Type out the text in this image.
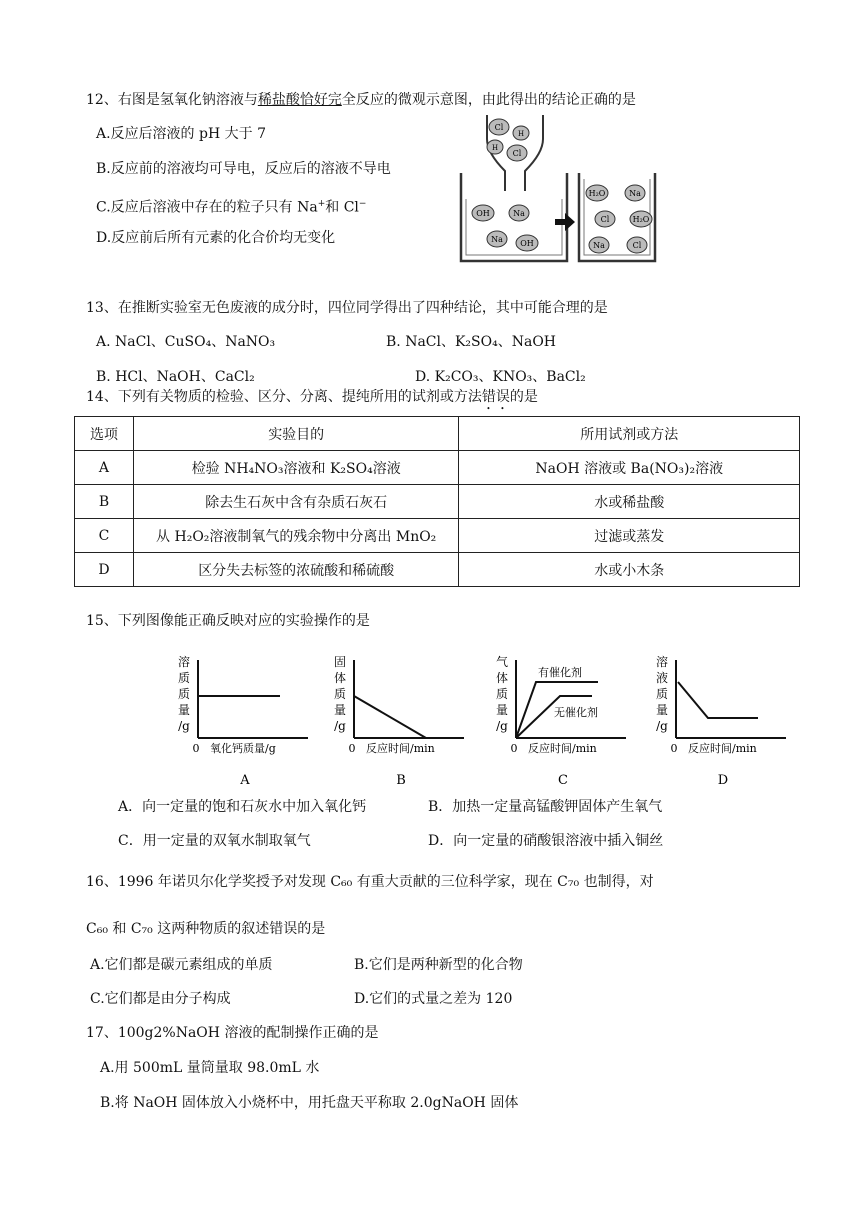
12、右图是氢氧化钠溶液与稀盐酸恰好完全反应的微观示意图，由此得出的结论正确的是
A.反应后溶液的 pH 大于 7
B.反应前的溶液均可导电，反应后的溶液不导电
C.反应后溶液中存在的粒子只有 Na+和 Cl−
D.反应前后所有元素的化合价均无变化
Cl
H
H
Cl
OH	Na
Na OH
H₂O	Na
Cl	H₂O
Na	Cl
13、在推断实验室无色废液的成分时，四位同学得出了四种结论，其中可能合理的是
A. NaCl、CuSO₄、NaNO₃	B. NaCl、K₂SO₄、NaOH
B. HCl、NaOH、CaCl₂	D. K₂CO₃、KNO₃、BaCl₂
14、下列有关物质的检验、区分、分离、提纯所用的试剂或方法错误的是
选项	实验目的	所用试剂或方法
A	检验 NH₄NO₃溶液和 K₂SO₄溶液	NaOH 溶液或 Ba(NO₃)₂溶液
B	除去生石灰中含有杂质石灰石	水或稀盐酸
C	从 H₂O₂溶液制氧气的残余物中分离出 MnO₂	过滤或蒸发
D	区分失去标签的浓硫酸和稀硫酸	水或小木条
15、下列图像能正确反映对应的实验操作的是
溶
质
质
量
/g
0 氧化钙质量/g
A
固
体
质
量
/g
0 反应时间/min
B
气
体
质
量
/g
有催化剂
无催化剂
0 反应时间/min
C
溶
液
质
量
/g
0 反应时间/min
D
A．向一定量的饱和石灰水中加入氧化钙	B．加热一定量高锰酸钾固体产生氧气
C．用一定量的双氧水制取氧气	D．向一定量的硝酸银溶液中插入铜丝
16、1996 年诺贝尔化学奖授予对发现 C₆₀ 有重大贡献的三位科学家，现在 C₇₀ 也制得，对
C₆₀ 和 C₇₀ 这两种物质的叙述错误的是
A.它们都是碳元素组成的单质	B.它们是两种新型的化合物
C.它们都是由分子构成	D.它们的式量之差为 120
17、100g2%NaOH 溶液的配制操作正确的是
A.用 500mL 量筒量取 98.0mL 水
B.将 NaOH 固体放入小烧杯中，用托盘天平称取 2.0gNaOH 固体
